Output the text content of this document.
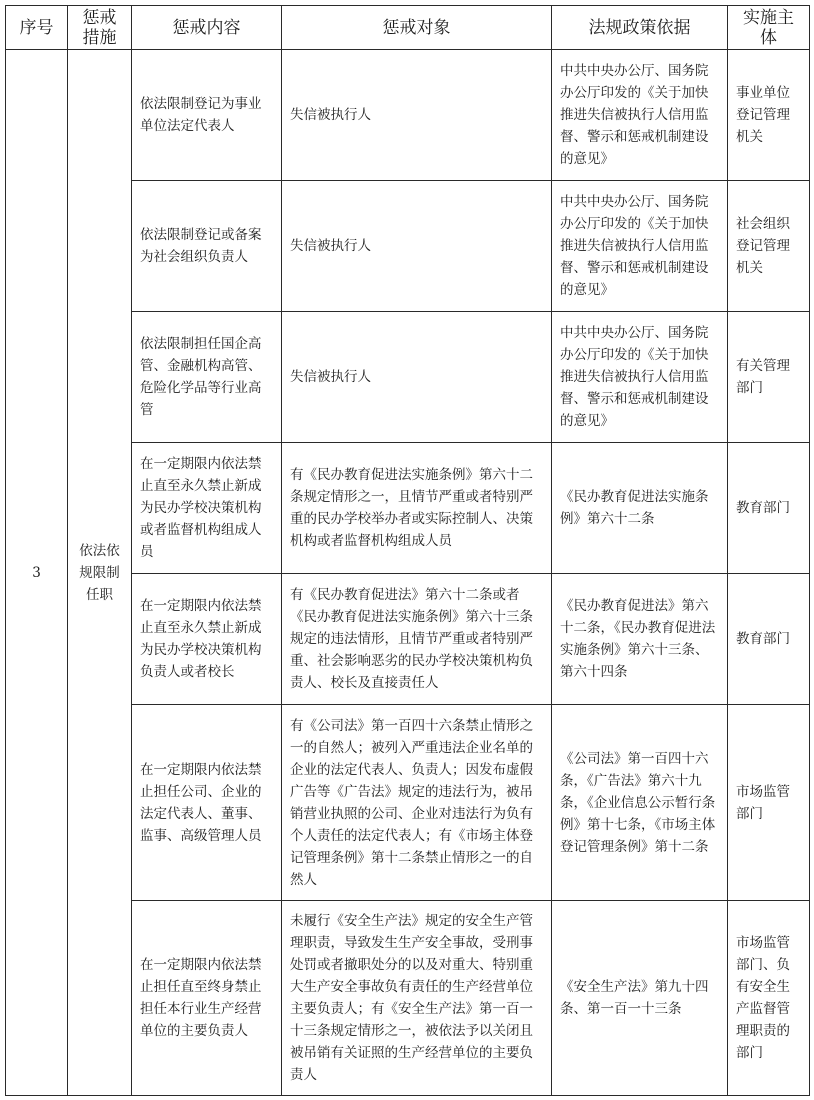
序号	惩戒措施	惩戒内容	惩戒对象	法规政策依据	实施主体
3	依法依规限制任职	依法限制登记为事业单位法定代表人	失信被执行人	中共中央办公厅、国务院办公厅印发的《关于加快推进失信被执行人信用监督、警示和惩戒机制建设的意见》	事业单位登记管理机关
		依法限制登记或备案为社会组织负责人	失信被执行人	中共中央办公厅、国务院办公厅印发的《关于加快推进失信被执行人信用监督、警示和惩戒机制建设的意见》	社会组织登记管理机关
		依法限制担任国企高管、金融机构高管、危险化学品等行业高管	失信被执行人	中共中央办公厅、国务院办公厅印发的《关于加快推进失信被执行人信用监督、警示和惩戒机制建设的意见》	有关管理部门
		在一定期限内依法禁止直至永久禁止新成为民办学校决策机构或者监督机构组成人员	有《民办教育促进法实施条例》第六十二条规定情形之一，且情节严重或者特别严重的民办学校举办者或实际控制人、决策机构或者监督机构组成人员	《民办教育促进法实施条例》第六十二条	教育部门
		在一定期限内依法禁止直至永久禁止新成为民办学校决策机构负责人或者校长	有《民办教育促进法》第六十二条或者《民办教育促进法实施条例》第六十三条规定的违法情形，且情节严重或者特别严重、社会影响恶劣的民办学校决策机构负责人、校长及直接责任人	《民办教育促进法》第六十二条，《民办教育促进法实施条例》第六十三条、第六十四条	教育部门
		在一定期限内依法禁止担任公司、企业的法定代表人、董事、监事、高级管理人员	有《公司法》第一百四十六条禁止情形之一的自然人；被列入严重违法企业名单的企业的法定代表人、负责人；因发布虚假广告等《广告法》规定的违法行为，被吊销营业执照的公司、企业对违法行为负有个人责任的法定代表人；有《市场主体登记管理条例》第十二条禁止情形之一的自然人	《公司法》第一百四十六条，《广告法》第六十九条，《企业信息公示暂行条例》第十七条，《市场主体登记管理条例》第十二条	市场监管部门
		在一定期限内依法禁止担任直至终身禁止担任本行业生产经营单位的主要负责人	未履行《安全生产法》规定的安全生产管理职责，导致发生生产安全事故，受刑事处罚或者撤职处分的以及对重大、特别重大生产安全事故负有责任的生产经营单位主要负责人；有《安全生产法》第一百一十三条规定情形之一，被依法予以关闭且被吊销有关证照的生产经营单位的主要负责人	《安全生产法》第九十四条、第一百一十三条	市场监管部门、负有安全生产监督管理职责的部门
